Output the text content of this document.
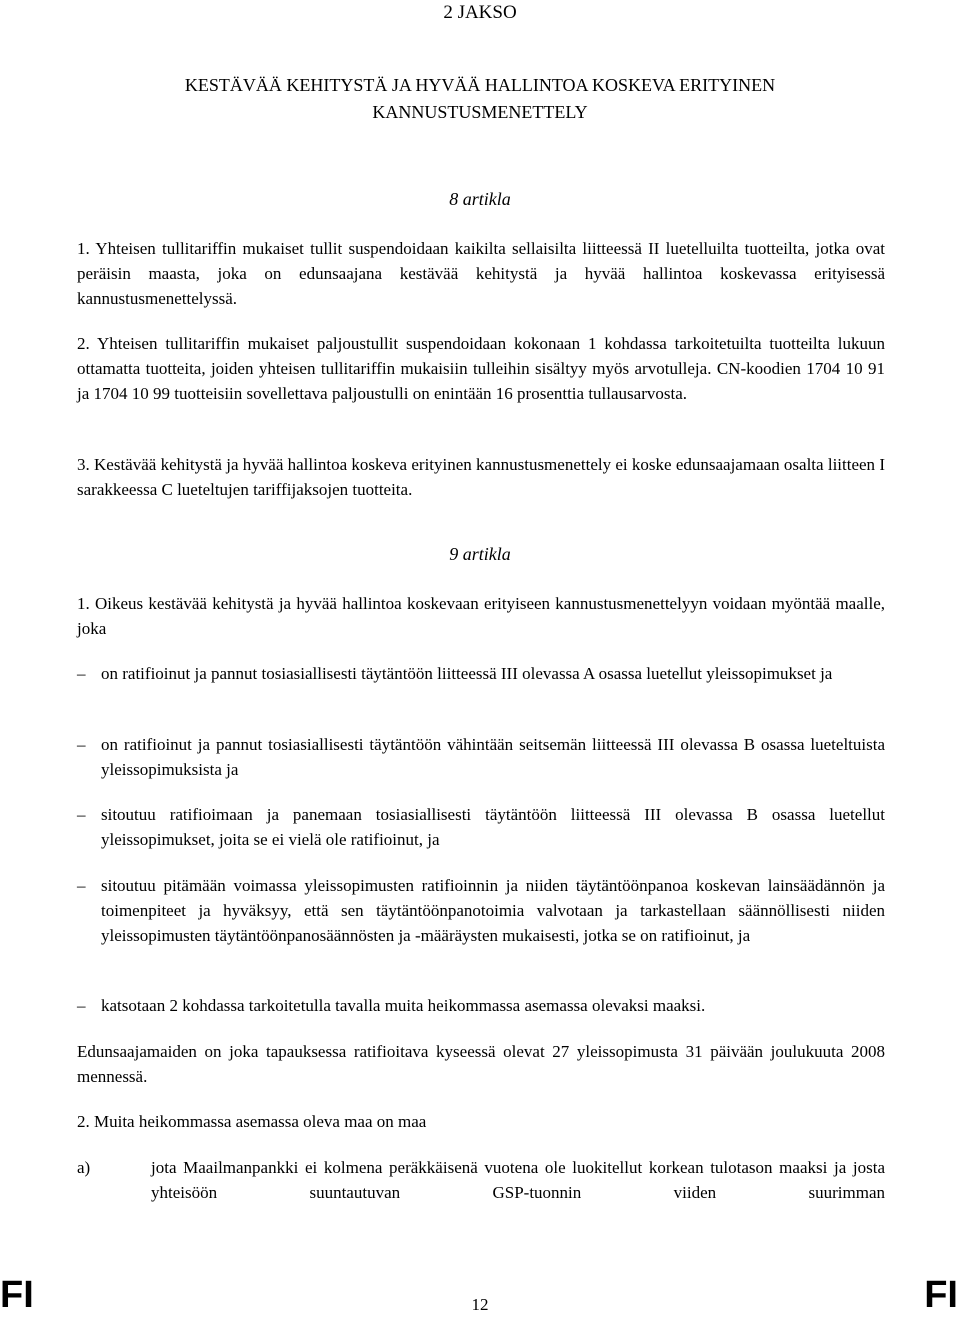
2 JAKSO
KESTÄVÄÄ KEHITYSTÄ JA HYVÄÄ HALLINTOA KOSKEVA ERITYINEN
KANNUSTUSMENETTELY
8 artikla
1. Yhteisen tullitariffin mukaiset tullit suspendoidaan kaikilta sellaisilta liitteessä II luetelluilta tuotteilta, jotka ovat peräisin maasta, joka on edunsaajana kestävää kehitystä ja hyvää hallintoa koskevassa erityisessä kannustusmenettelyssä.
2. Yhteisen tullitariffin mukaiset paljoustullit suspendoidaan kokonaan 1 kohdassa tarkoitetuilta tuotteilta lukuun ottamatta tuotteita, joiden yhteisen tullitariffin mukaisiin tulleihin sisältyy myös arvotulleja. CN-koodien 1704 10 91 ja 1704 10 99 tuotteisiin sovellettava paljoustulli on enintään 16 prosenttia tullausarvosta.
3. Kestävää kehitystä ja hyvää hallintoa koskeva erityinen kannustusmenettely ei koske edunsaajamaan osalta liitteen I sarakkeessa C lueteltujen tariffijaksojen tuotteita.
9 artikla
1. Oikeus kestävää kehitystä ja hyvää hallintoa koskevaan erityiseen kannustusmenettelyyn voidaan myöntää maalle, joka
– on ratifioinut ja pannut tosiasiallisesti täytäntöön liitteessä III olevassa A osassa luetellut yleissopimukset ja
– on ratifioinut ja pannut tosiasiallisesti täytäntöön vähintään seitsemän liitteessä III olevassa B osassa lueteltuista yleissopimuksista ja
– sitoutuu ratifioimaan ja panemaan tosiasiallisesti täytäntöön liitteessä III olevassa B osassa luetellut yleissopimukset, joita se ei vielä ole ratifioinut, ja
– sitoutuu pitämään voimassa yleissopimusten ratifioinnin ja niiden täytäntöönpanoa koskevan lainsäädännön ja toimenpiteet ja hyväksyy, että sen täytäntöönpanotoimia valvotaan ja tarkastellaan säännöllisesti niiden yleissopimusten täytäntöönpanosäännösten ja -määräysten mukaisesti, jotka se on ratifioinut, ja
– katsotaan 2 kohdassa tarkoitetulla tavalla muita heikommassa asemassa olevaksi maaksi.
Edunsaajamaiden on joka tapauksessa ratifioitava kyseessä olevat 27 yleissopimusta 31 päivään joulukuuta 2008 mennessä.
2. Muita heikommassa asemassa oleva maa on maa
a)	jota Maailmanpankki ei kolmena peräkkäisenä vuotena ole luokitellut korkean tulotason maaksi ja josta yhteisöön suuntautuvan GSP-tuonnin viiden suurimman
FI	12	FI
